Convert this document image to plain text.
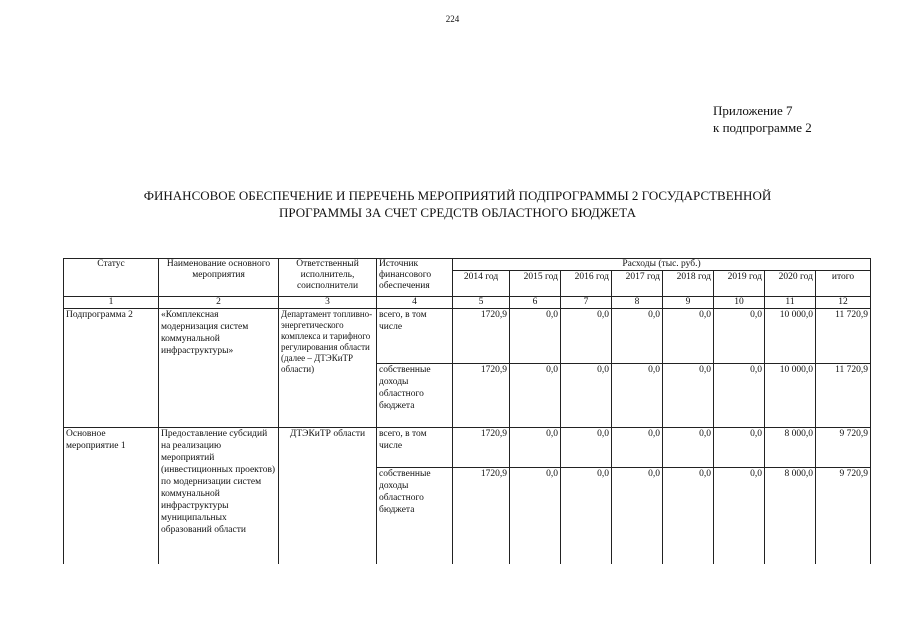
224
Приложение 7
к подпрограмме 2
ФИНАНСОВОЕ ОБЕСПЕЧЕНИЕ И ПЕРЕЧЕНЬ МЕРОПРИЯТИЙ ПОДПРОГРАММЫ 2 ГОСУДАРСТВЕННОЙ
ПРОГРАММЫ ЗА СЧЕТ СРЕДСТВ ОБЛАСТНОГО БЮДЖЕТА
Статус	Наименование основного мероприятия	Ответственный исполнитель, соисполнители	Источник финансового обеспечения	Расходы (тыс. руб.)							
				2014 год	2015 год	2016 год	2017 год	2018 год	2019 год	2020 год	итого
1	2	3	4	5	6	7	8	9	10	11	12
Подпрограмма 2	«Комплексная модернизация систем коммунальной инфраструктуры»	Департамент топливно-энергетического комплекса и тарифного регулирования области (далее – ДТЭКиТР области)	всего, в том числе	1720,9	0,0	0,0	0,0	0,0	0,0	10 000,0	11 720,9
			собственные доходы областного бюджета	1720,9	0,0	0,0	0,0	0,0	0,0	10 000,0	11 720,9
Основное мероприятие 1	Предоставление субсидий на реализацию мероприятий (инвестиционных проектов) по модернизации систем коммунальной инфраструктуры муниципальных образований области	ДТЭКиТР области	всего, в том числе	1720,9	0,0	0,0	0,0	0,0	0,0	8 000,0	9 720,9
			собственные доходы областного бюджета	1720,9	0,0	0,0	0,0	0,0	0,0	8 000,0	9 720,9
